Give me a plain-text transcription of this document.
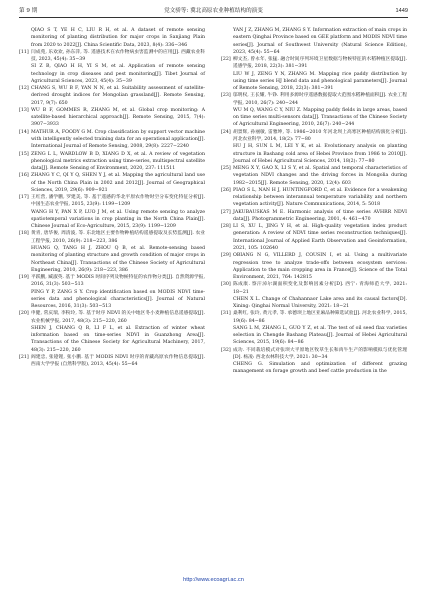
第 9 期	党文骄等: 冀北高原农业种植结构的演变	1449

QIAO S T, YE H C, LIU R H, et al. A dataset of remote sensing monitoring of planting distribution for major crops in Sanjiang Plain from 2020 to 2022[J]. China Scientific Data, 2023, 8(4): 336−346

[11] 闫成苑, 乐欢欢, 孙东萍, 等. 遥感技术在农作物病虫害监测中的应用[J]. 西藏农业科技, 2023, 45(4): 35−39

SI Z B, QIAO H H, YI S M, et al. Application of remote sensing technology in crop diseases and pest monitoring[J]. Tibet Journal of Agricultural Sciences, 2023, 45(4): 35−39

[12] CHANG S, WU B F, YAN N N, et al. Suitability assessment of satellite-derived drought indices for Mongolian grassland[J]. Remote Sensing, 2017, 9(7): 650

[13] WU B F, GOMMES R, ZHANG M, et al. Global crop monitoring: A satellite-based hierarchical approach[J]. Remote Sensing, 2015, 7(4): 3907−3933

[14] MATHUR A, FOODY G M. Crop classification by support vector machine with intelligently selected training data for an operational application[J]. International Journal of Remote Sensing, 2008, 29(8): 2227−2240

[15] ZENG L L, WARDLOW B D, XIANG D X, et al. A review of vegetation phenological metrics extraction using time-series, multispectral satellite data[J]. Remote Sensing of Environment, 2020, 237: 111511

[16] ZHANG Y C, QI Y Q, SHEN Y J, et al. Mapping the agricultural land use of the North China Plain in 2002 and 2012[J]. Journal of Geographical Sciences, 2019, 29(6): 909−921

[17] 王红营, 潘学鹏, 罗建美, 等. 基于遥感的华北平原农作物时空分布变化特征分析[J]. 中国生态农业学报, 2015, 23(9): 1199−1209

WANG H Y, PAN X P, LUO J M, et al. Using remote sensing to analyze spatiotemporal variations in crop planting in the North China Plain[J]. Chinese Journal of Eco-Agriculture, 2015, 23(9): 1199−1209

[18] 黄青, 唐华俊, 周清波, 等. 东北地区主要作物种植结构遥感提取及长势监测[J]. 农业工程学报, 2010, 26(9): 218−223, 386

HUANG Q, TANG H J, ZHOU Q B, et al. Remote-sensing based monitoring of planting structure and growth condition of major crops in Northeast China[J]. Transactions of the Chinese Society of Agricultural Engineering, 2010, 26(9): 218−223, 386

[19] 平跃鹏, 臧淑英. 基于 MODIS 时间序列及物候特征的农作物分类[J]. 自然资源学报, 2016, 31(3): 503−513

PING Y P, ZANG S Y. Crop identification based on MODIS NDVI time-series data and phenological characteristics[J]. Journal of Natural Resources, 2016, 31(3): 503−513

[20] 申健, 常庆瑞, 李粉玲, 等. 基于时序 NDVI 的关中地区冬小麦种植信息遥感提取[J]. 农业机械学报, 2017, 48(3): 215−220, 260

SHEN J, CHANG Q R, LI F L, et al. Extraction of winter wheat information based on time-series NDVI in Guanzhong Area[J]. Transactions of the Chinese Society for Agricultural Machinery, 2017, 48(3): 215−220, 260

[21] 阎建忠, 张镱锂, 张小鹏. 基于 MODIS NDVI 时序的青藏高原农作物信息提取[J]. 西南大学学报 (自然科学版), 2013, 45(4): 55−64

YAN J Z, ZHANG M, ZHANG S Y. Information extraction of main crops in eastern Qinghai Province based on GEE platform and MODIS NDVI time series[J]. Journal of Southwest University (Natural Science Edition), 2023, 45(4): 55−64

[22] 柳文杰, 曾永年, 张猛. 融合时间序列环境卫星数据与物候特征的水稻种植区提取[J]. 遥感学报, 2018, 22(3): 381−391

LIU W J, ZENG Y N, ZHANG M. Mapping rice paddy distribution by using time series HJ blend data and phenological parameters[J]. Journal of Remote Sensing, 2018, 22(3): 381−391

[23] 邬明权, 王长耀, 牛铮. 利用多源时序遥感数据提取大范围水稻种植面积[J]. 农业工程学报, 2010, 26(7): 240−244

WU M Q, WANG C Y, NIU Z. Mapping paddy fields in large areas, based on time series multi-sensors data[J]. Transactions of the Chinese Society of Agricultural Engineering, 2010, 26(7): 240−244

[24] 胡景辉, 孙丽敏, 雷雅坤, 等. 1986−2010 年河北坝上高寒区种植结构演化分析[J]. 河北农业科学, 2014, 18(2): 77−80

HU J H, SUN L M, LEI Y K, et al. Evolutionary analysis on planting structure in Bashang cold area of Hebei Province from 1986 to 2010[J]. Journal of Hebei Agricultural Sciences, 2014, 18(2): 77−80

[25] MENG X Y, GAO X, LI S Y, et al. Spatial and temporal characteristics of vegetation NDVI changes and the driving forces in Mongolia during 1982−2015[J]. Remote Sensing, 2020, 12(4): 603

[26] PIAO S L, NAN H J, HUNTINGFORD C, et al. Evidence for a weakening relationship between interannual temperature variability and northern vegetation activity[J]. Nature Communications, 2014, 5: 5018

[27] JAKUBAUSKAS M E. Harmonic analysis of time series AVHRR NDVI data[J]. Photogrammetric Engineering, 2001, 4: 461−470

[28] LI S, XU L, JING Y H, et al. High-quality vegetation index product generation: A review of NDVI time series reconstruction techniques[J]. International Journal of Applied Earth Observation and Geoinformation, 2021, 105: 102640

[29] OBIANG N G, VILLERD J, COUSIN I, et al. Using a multivariate regression tree to analyze trade-offs between ecosystem services: Application to the main cropping area in France[J]. Science of the Total Environment, 2021, 764: 142815

[30] 陈成康. 察汗淖尔湖面积变化及影响因素分析[D]. 西宁: 青海师范大学, 2021: 18−21

CHEN X L. Change of Chahannaor Lake area and its causal factors[D]. Xining: Qinghai Normal University, 2021: 18−21

[31] 桑利红, 张玲, 黄元孝, 等. 承德坝上地区亚麻品种筛选试验[J]. 河北农业科学, 2015, 19(6): 84−86

SANG L M, ZHANG L, GUO Y Z, et al. The test of oil seed flax varieties selection in Chengde Bashang Plateau[J]. Journal of Hebei Agricultural Sciences, 2015, 19(6): 84−86

[32] 成功. 不同栽培模式对张坝大平原地区牧草生长和肉牛生产的影响模拟与优化管理[D]. 杨凌: 西北农林科技大学, 2021: 30−34

CHENG G. Simulation and optimization of different grazing management on forage growth and beef cattle production in the

http://www.ecoagri.ac.cn
